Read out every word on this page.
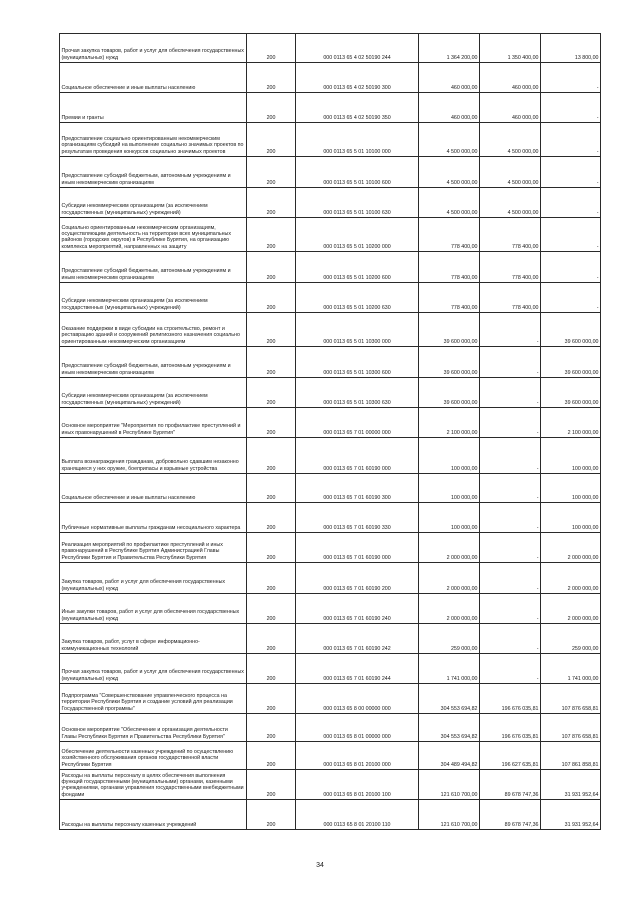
Прочая закупка товаров, работ и услуг для обеспечения государственных (муниципальных) нужд	200	000 0113 65 4 02 50190 244	1 364 200,00	1 350 400,00	13 800,00
Социальное обеспечение и иные выплаты населению	200	000 0113 65 4 02 50190 300	460 000,00	460 000,00	-
Премии и гранты	200	000 0113 65 4 02 50190 350	460 000,00	460 000,00	-
Предоставление социально ориентированным некоммерческим организациям субсидий на выполнение социально значимых проектов по результатам проведения конкурсов социально значимых проектов	200	000 0113 65 5 01 10100 000	4 500 000,00	4 500 000,00	-
Предоставление субсидий бюджетным, автономным учреждениям и иным некоммерческим организациям	200	000 0113 65 5 01 10100 600	4 500 000,00	4 500 000,00	-
Субсидии некоммерческим организациям (за исключением государственных (муниципальных) учреждений)	200	000 0113 65 5 01 10100 630	4 500 000,00	4 500 000,00	-
Социально ориентированным некоммерческим организациям, осуществляющим деятельность на территории всех муниципальных районов (городских округов) в Республике Бурятия, на организацию комплекса мероприятий, направленных на защиту	200	000 0113 65 5 01 10200 000	778 400,00	778 400,00	-
Предоставление субсидий бюджетным, автономным учреждениям и иным некоммерческим организациям	200	000 0113 65 5 01 10200 600	778 400,00	778 400,00	-
Субсидии некоммерческим организациям (за исключением государственных (муниципальных) учреждений)	200	000 0113 65 5 01 10200 630	778 400,00	778 400,00	-
Оказание поддержки в виде субсидии на строительство, ремонт и реставрацию зданий и сооружений религиозного назначения социально ориентированным некоммерческим организациям	200	000 0113 65 5 01 10300 000	39 600 000,00	-	39 600 000,00
Предоставление субсидий бюджетным, автономным учреждениям и иным некоммерческим организациям	200	000 0113 65 5 01 10300 600	39 600 000,00	-	39 600 000,00
Субсидии некоммерческим организациям (за исключением государственных (муниципальных) учреждений)	200	000 0113 65 5 01 10300 630	39 600 000,00	-	39 600 000,00
Основное мероприятие "Мероприятия по профилактике преступлений и иных правонарушений в Республике Бурятия"	200	000 0113 65 7 01 00000 000	2 100 000,00	-	2 100 000,00
Выплата вознаграждения гражданам, добровольно сдавшим незаконно хранящиеся у них оружие, боеприпасы и взрывные устройства	200	000 0113 65 7 01 60190 000	100 000,00	-	100 000,00
Социальное обеспечение и иные выплаты населению	200	000 0113 65 7 01 60190 300	100 000,00	-	100 000,00
Публичные нормативные выплаты гражданам несоциального характера	200	000 0113 65 7 01 60190 330	100 000,00	-	100 000,00
Реализация мероприятий по профилактике преступлений и иных правонарушений в Республике Бурятия Администрацией Главы Республики Бурятия и Правительства Республики Бурятия	200	000 0113 65 7 01 60190 000	2 000 000,00	-	2 000 000,00
Закупка товаров, работ и услуг для обеспечения государственных (муниципальных) нужд	200	000 0113 65 7 01 60190 200	2 000 000,00	-	2 000 000,00
Иные закупки товаров, работ и услуг для обеспечения государственных (муниципальных) нужд	200	000 0113 65 7 01 60190 240	2 000 000,00	-	2 000 000,00
Закупка товаров, работ, услуг в сфере информационно-коммуникационных технологий	200	000 0113 65 7 01 60190 242	259 000,00	-	259 000,00
Прочая закупка товаров, работ и услуг для обеспечения государственных (муниципальных) нужд	200	000 0113 65 7 01 60190 244	1 741 000,00	-	1 741 000,00
Подпрограмма "Совершенствование управленческого процесса на территории Республики Бурятия и создание условий для реализации Государственной программы"	200	000 0113 65 8 00 00000 000	304 553 694,82	196 676 035,81	107 876 658,81
Основное мероприятие "Обеспечение и организация деятельности Главы Республики Бурятия и Правительства Республики Бурятия"	200	000 0113 65 8 01 00000 000	304 553 694,82	196 676 035,81	107 876 658,81
Обеспечение деятельности казенных учреждений по осуществлению хозяйственного обслуживания органов государственной власти Республики Бурятия	200	000 0113 65 8 01 20100 000	304 489 494,82	196 627 635,81	107 861 858,81
Расходы на выплаты персоналу в целях обеспечения выполнения функций государственными (муниципальными) органами, казенными учреждениями, органами управления государственными внебюджетными фондами	200	000 0113 65 8 01 20100 100	121 610 700,00	89 678 747,36	31 931 952,64
Расходы на выплаты персоналу казенных учреждений	200	000 0113 65 8 01 20100 110	121 610 700,00	89 678 747,36	31 931 952,64
34
